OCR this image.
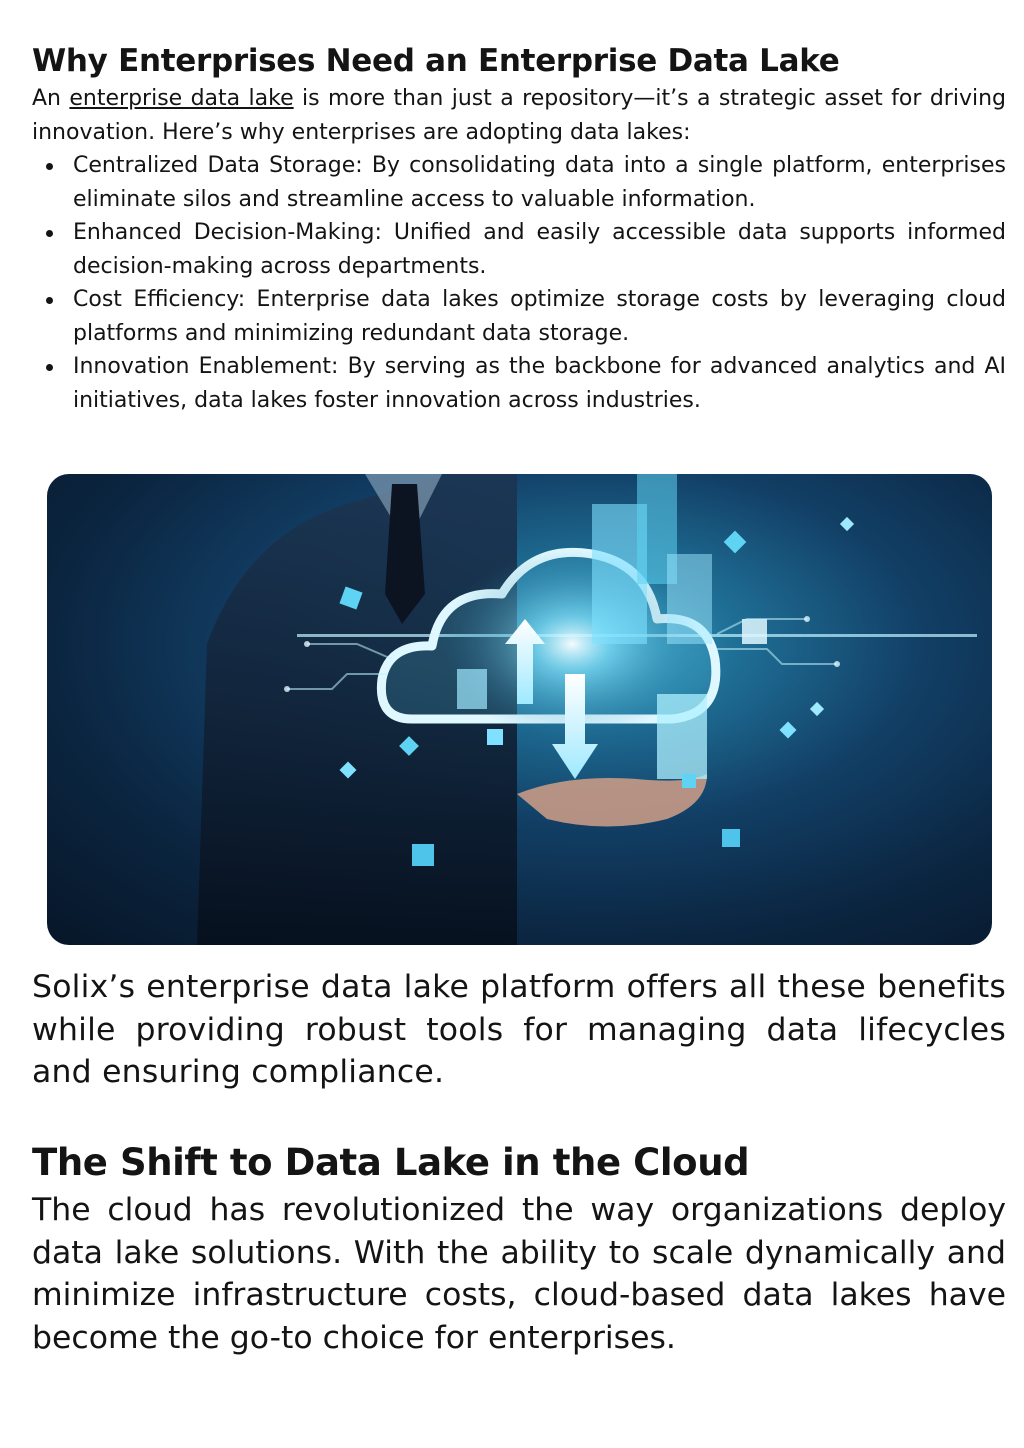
Why Enterprises Need an Enterprise Data Lake

An enterprise data lake is more than just a repository—it’s a strategic asset for driving innovation. Here’s why enterprises are adopting data lakes:

Centralized Data Storage: By consolidating data into a single platform, enterprises eliminate silos and streamline access to valuable information.
Enhanced Decision-Making: Unified and easily accessible data supports informed decision-making across departments.
Cost Efficiency: Enterprise data lakes optimize storage costs by leveraging cloud platforms and minimizing redundant data storage.
Innovation Enablement: By serving as the backbone for advanced analytics and AI initiatives, data lakes foster innovation across industries.

Solix’s enterprise data lake platform offers all these benefits while providing robust tools for managing data lifecycles and ensuring compliance.

The Shift to Data Lake in the Cloud

The cloud has revolutionized the way organizations deploy data lake solutions. With the ability to scale dynamically and minimize infrastructure costs, cloud-based data lakes have become the go-to choice for enterprises.
